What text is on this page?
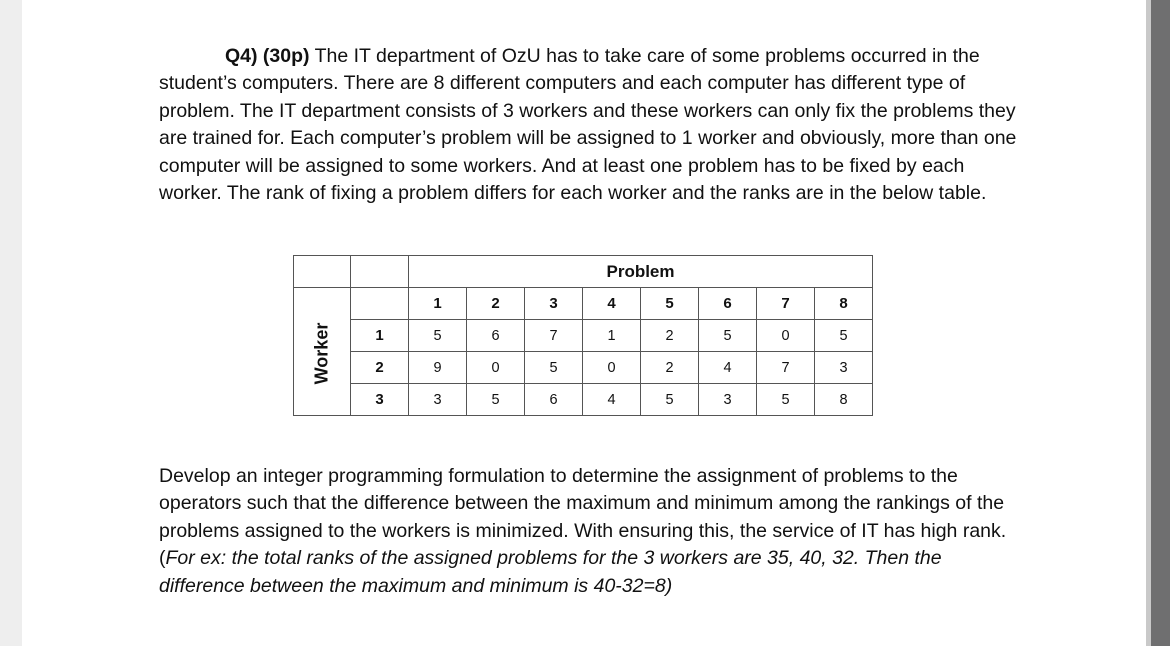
Q4) (30p) The IT department of OzU has to take care of some problems occurred in the student’s computers. There are 8 different computers and each computer has different type of problem. The IT department consists of 3 workers and these workers can only fix the problems they are trained for. Each computer’s problem will be assigned to 1 worker and obviously, more than one computer will be assigned to some workers. And at least one problem has to be fixed by each worker. The rank of fixing a problem differs for each worker and the ranks are in the below table.
		Problem							
		1	2	3	4	5	6	7	8
	1	5	6	7	1	2	5	0	5
	2	9	0	5	0	2	4	7	3
	3	3	5	6	4	5	3	5	8
Worker
Develop an integer programming formulation to determine the assignment of problems to the operators such that the difference between the maximum and minimum among the rankings of the problems assigned to the workers is minimized. With ensuring this, the service of IT has high rank. (For ex: the total ranks of the assigned problems for the 3 workers are 35, 40, 32. Then the difference between the maximum and minimum is 40-32=8)
